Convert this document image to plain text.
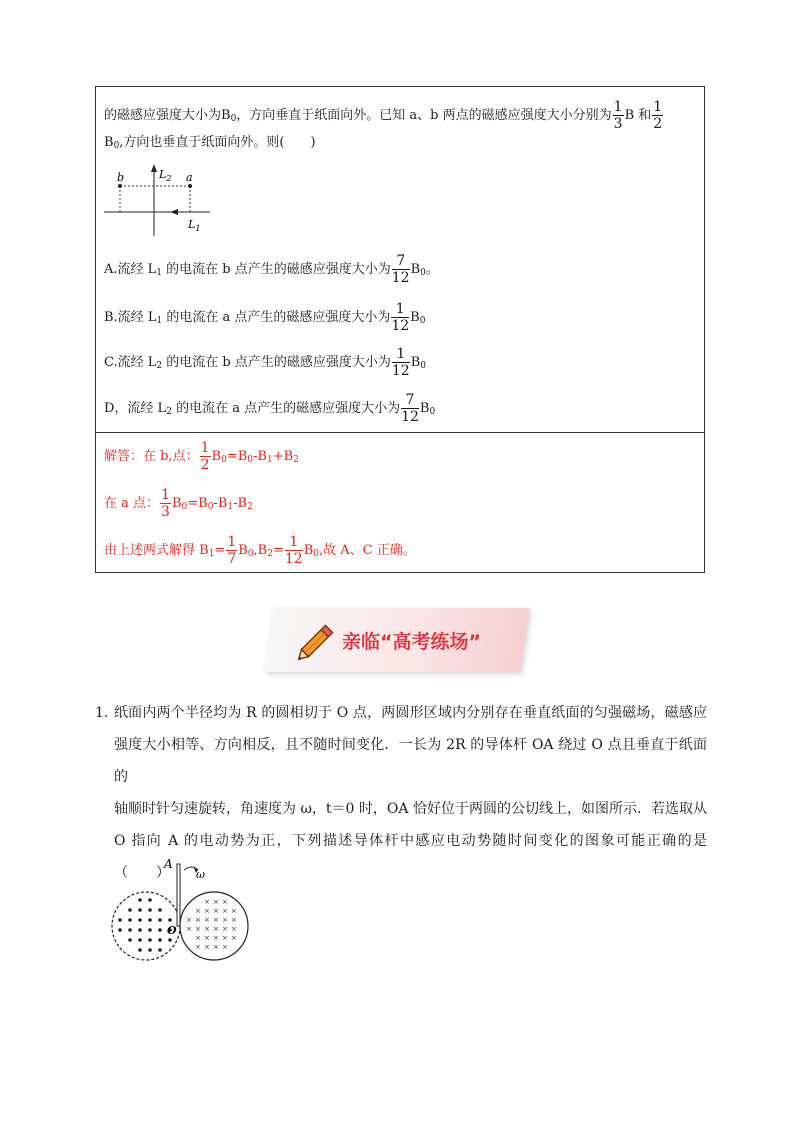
的磁感应强度大小为$B_0$，方向垂直于纸面向外。已知 a、b 两点的磁感应强度大小分别为 $\frac{1}{3}$ B 和 $\frac{1}{2}$
$B_0$,方向也垂直于纸面向外。则(　　)
b	a
$L_2$
$L_1$
A.流经 $L_1$ 的电流在 b 点产生的磁感应强度大小为 $\frac{7}{12} B_0$。
B.流经 $L_1$ 的电流在 a 点产生的磁感应强度大小为 $\frac{1}{12} B_0$
C.流经 $L_2$ 的电流在 b 点产生的磁感应强度大小为 $\frac{1}{12} B_0$
D，流经 $L_2$ 的电流在 a 点产生的磁感应强度大小为 $\frac{7}{12} B_0$
解答：在 b,点： $\frac{1}{2} B_0=B_0-B_1+B_2$
在 a 点： $\frac{1}{3} B_0=B_0-B_1-B_2$
由上述两式解得 $B_1= \frac{1}{7} B_0,B_2= \frac{1}{12} B_0$,故 A、C 正确。
亲临“高考练场”
1. 纸面内两个半径均为 R 的圆相切于 O 点，两圆形区域内分别存在垂直纸面的匀强磁场，磁感应
强度大小相等、方向相反，且不随时间变化．一长为 2R 的导体杆 OA 绕过 O 点且垂直于纸面的
轴顺时针匀速旋转，角速度为 ω，t＝0 时，OA 恰好位于两圆的公切线上，如图所示．若选取从
O 指向 A 的电动势为正，下列描述导体杆中感应电动势随时间变化的图象可能正确的是
（　　）
×
×
×
×
×
×
×
×
×
×
×
×
×
×
×
×
×
×
×
×
×
×
×
×
×
×
×
×
×
A
ω
O
